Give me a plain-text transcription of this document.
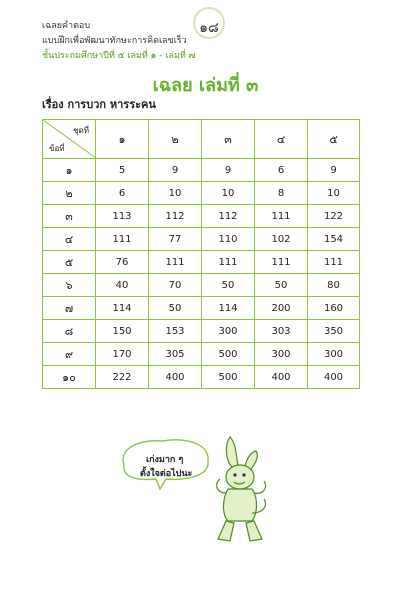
เฉลยคำตอบ
แบบฝึกเพื่อพัฒนาทักษะการคิดเลขเร็ว
ชั้นประถมศึกษาปีที่ ๕ เล่มที่ ๑ - เล่มที่ ๗
๑๘
เฉลย เล่มที่ ๓
เรื่อง การบวก หารระคน
ชุดที่
ข้อที่	๑	๒	๓	๔	๕
๑	5	9	9	6	9
๒	6	10	10	8	10
๓	113	112	112	111	122
๔	111	77	110	102	154
๕	76	111	111	111	111
๖	40	70	50	50	80
๗	114	50	114	200	160
๘	150	153	300	303	350
๙	170	305	500	300	300
๑๐	222	400	500	400	400
เก่งมาก ๆ
ตั้งใจต่อไปนะ
